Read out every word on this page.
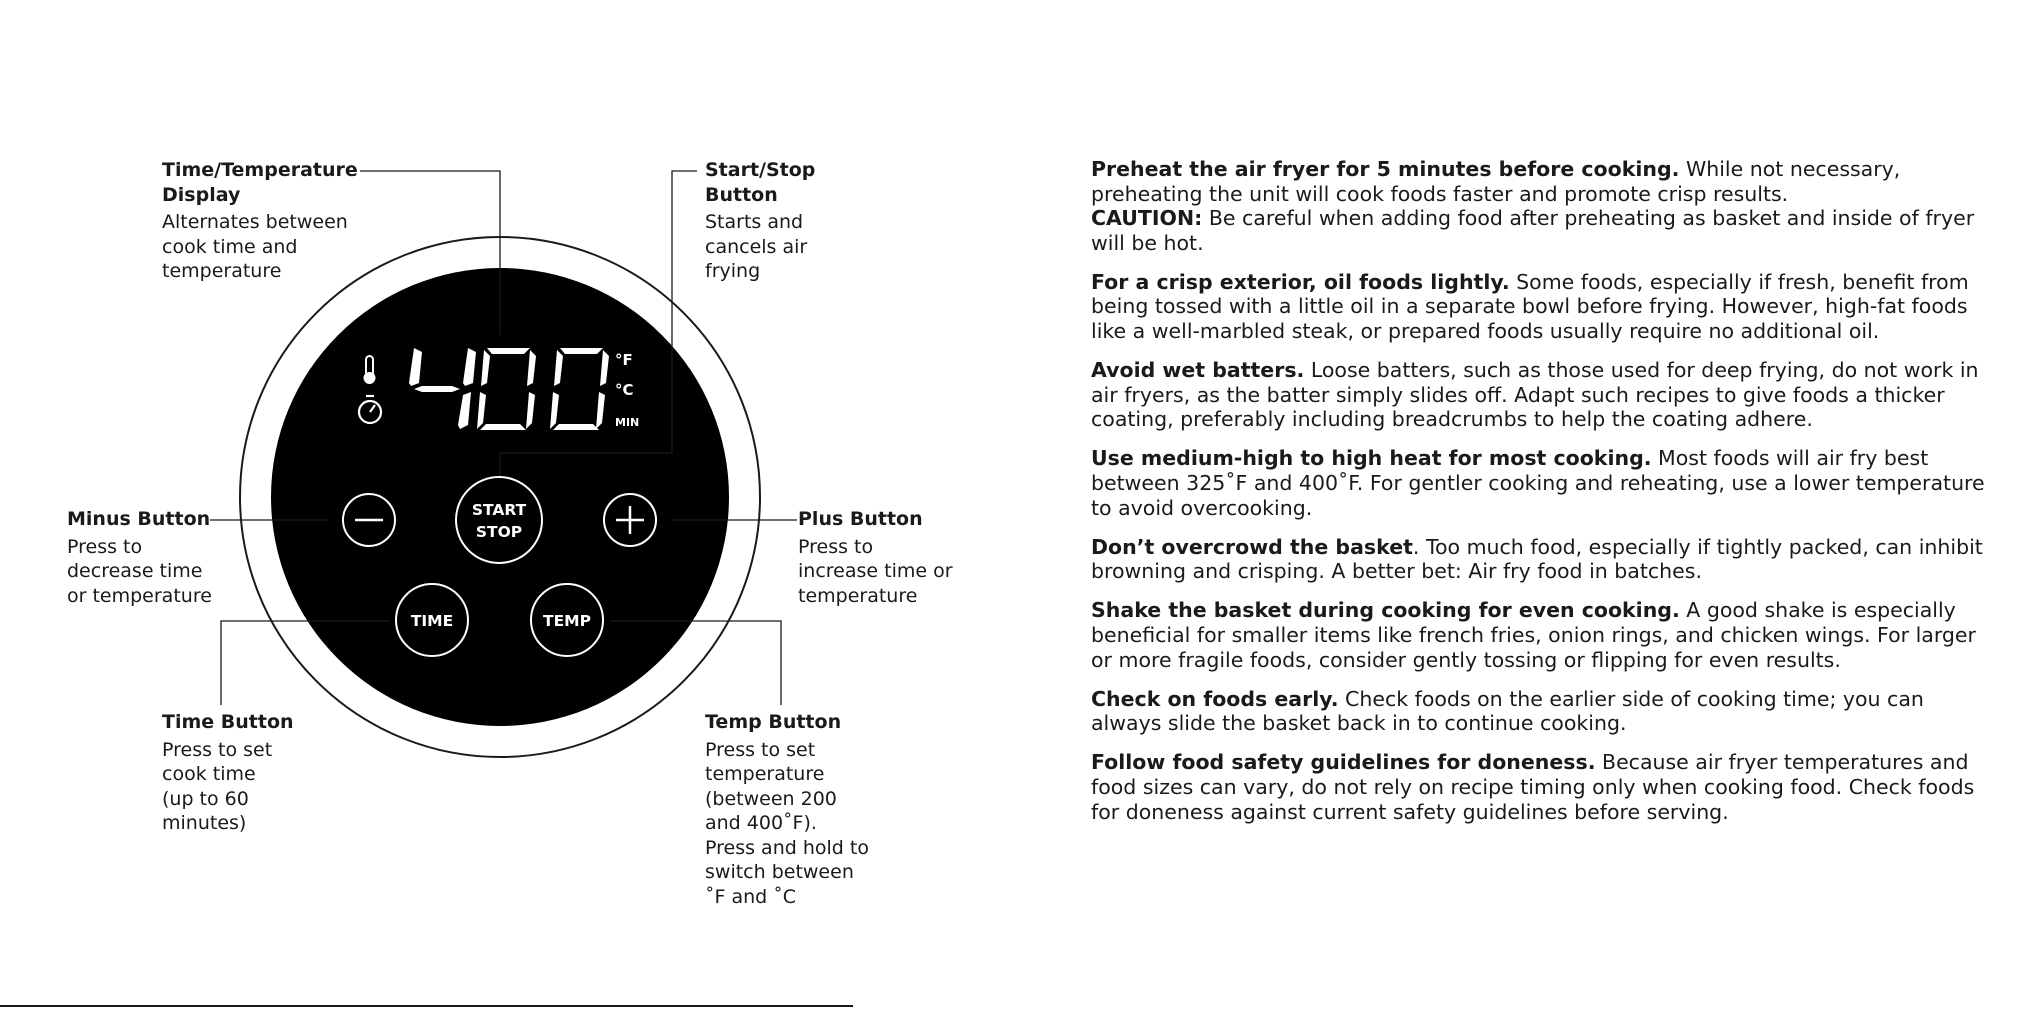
°F
°C
MIN
START
STOP
TIME	TEMP
Time/Temperature
Display
Alternates between
cook time and
temperature
Start/Stop
Button
Starts and
cancels air
frying
Minus Button
Press to
decrease time
or temperature
Plus Button
Press to
increase time or
temperature
Time Button
Press to set
cook time
(up to 60
minutes)
Temp Button
Press to set
temperature
(between 200
and 400˚F).
Press and hold to
switch between
˚F and ˚C

Preheat the air fryer for 5 minutes before cooking. While not necessary, preheating the unit will cook foods faster and promote crisp results.
CAUTION: Be careful when adding food after preheating as basket and inside of fryer will be hot.

For a crisp exterior, oil foods lightly. Some foods, especially if fresh, benefit from being tossed with a little oil in a separate bowl before frying. However, high-fat foods like a well-marbled steak, or prepared foods usually require no additional oil.

Avoid wet batters. Loose batters, such as those used for deep frying, do not work in air fryers, as the batter simply slides off. Adapt such recipes to give foods a thicker coating, preferably including breadcrumbs to help the coating adhere.

Use medium-high to high heat for most cooking. Most foods will air fry best between 325˚F and 400˚F. For gentler cooking and reheating, use a lower temperature to avoid overcooking.

Don’t overcrowd the basket. Too much food, especially if tightly packed, can inhibit browning and crisping. A better bet: Air fry food in batches.

Shake the basket during cooking for even cooking. A good shake is especially beneficial for smaller items like french fries, onion rings, and chicken wings. For larger or more fragile foods, consider gently tossing or flipping for even results.

Check on foods early. Check foods on the earlier side of cooking time; you can always slide the basket back in to continue cooking.

Follow food safety guidelines for doneness. Because air fryer temperatures and food sizes can vary, do not rely on recipe timing only when cooking food. Check foods for doneness against current safety guidelines before serving.
